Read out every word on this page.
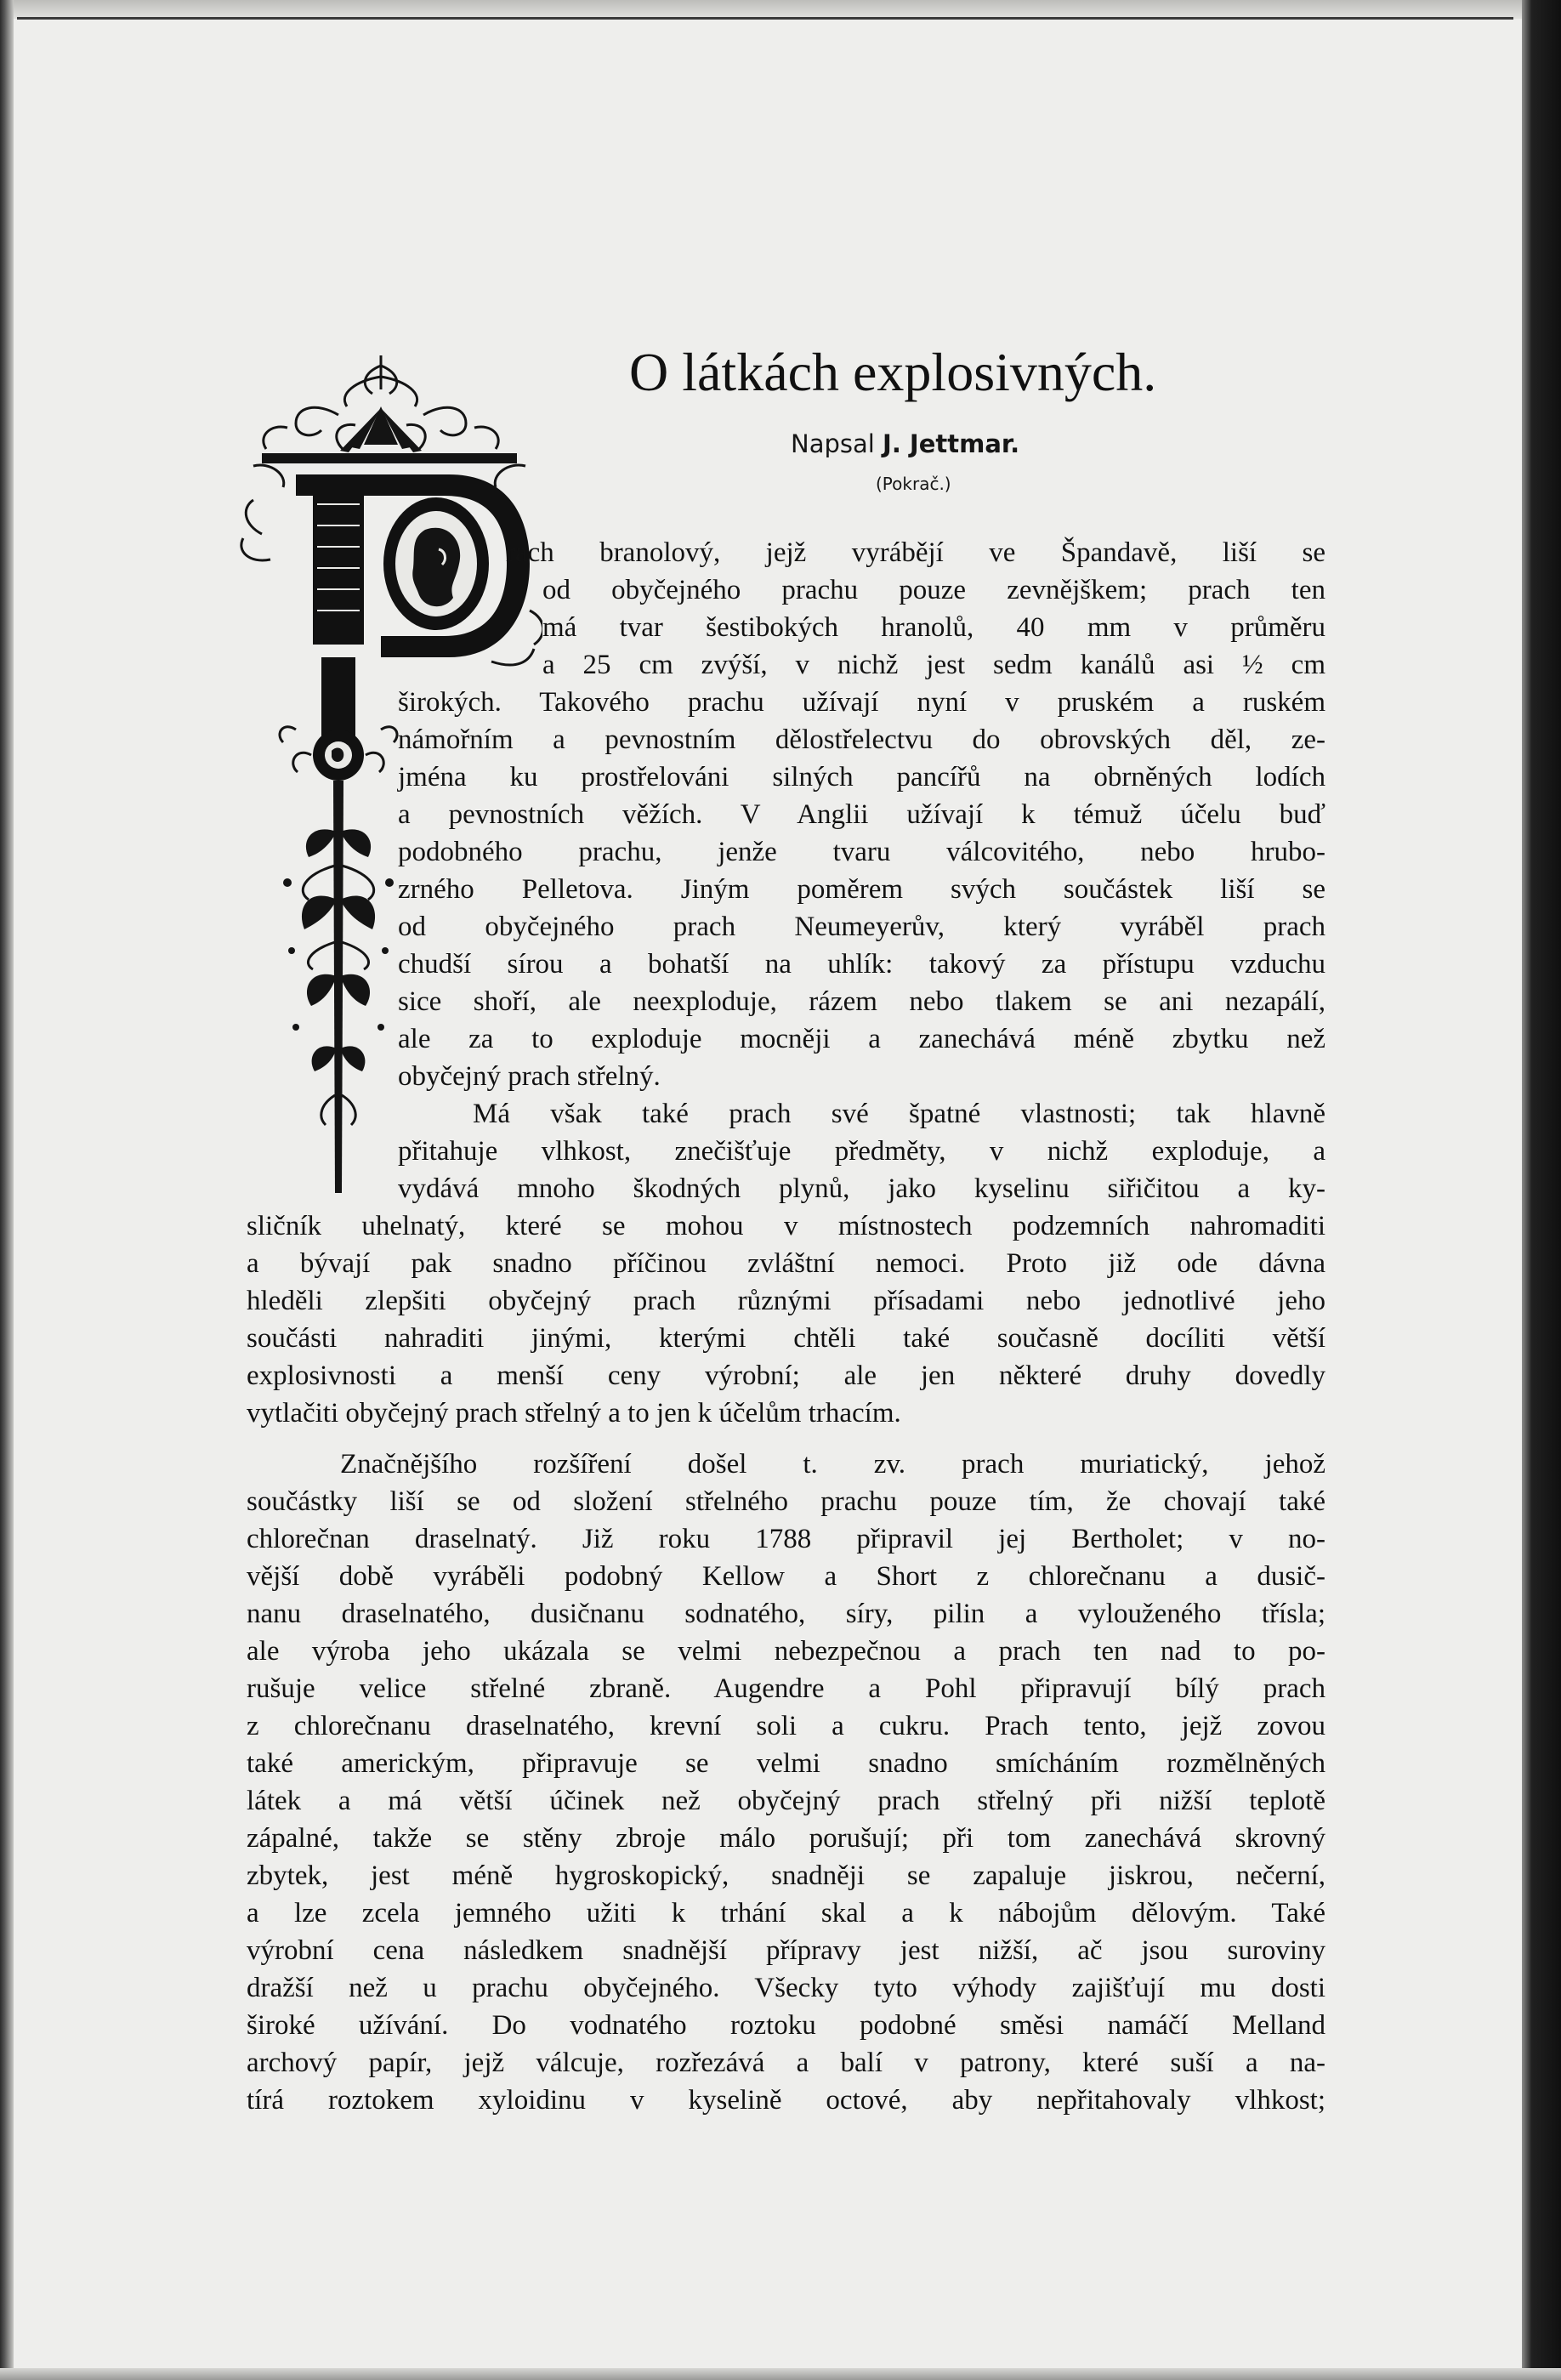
O látkách explosivných.
Napsal J. Jettmar.
(Pokrač.)
rach branolový, jejž vyrábějí ve Špandavě, liší se
od obyčejného prachu pouze zevnějškem; prach ten
má tvar šestibokých hranolů, 40 mm v průměru
a 25 cm zvýší, v nichž jest sedm kanálů asi ½ cm
širokých. Takového prachu užívají nyní v pruském a ruském
námořním a pevnostním dělostřelectvu do obrovských děl, ze-
jména ku prostřelováni silných pancířů na obrněných lodích
a pevnostních věžích. V Anglii užívají k témuž účelu buď
podobného prachu, jenže tvaru válcovitého, nebo hrubo-
zrného Pelletova. Jiným poměrem svých součástek liší se
od obyčejného prach Neumeyerův, který vyráběl prach
chudší sírou a bohatší na uhlík: takový za přístupu vzduchu
sice shoří, ale neexploduje, rázem nebo tlakem se ani nezapálí,
ale za to exploduje mocněji a zanechává méně zbytku než
obyčejný prach střelný.
Má však také prach své špatné vlastnosti; tak hlavně
přitahuje vlhkost, znečišťuje předměty, v nichž exploduje, a
vydává mnoho škodných plynů, jako kyselinu siřičitou a ky-
sličník uhelnatý, které se mohou v místnostech podzemních nahromaditi
a bývají pak snadno příčinou zvláštní nemoci. Proto již ode dávna
hleděli zlepšiti obyčejný prach různými přísadami nebo jednotlivé jeho
součásti nahraditi jinými, kterými chtěli také současně docíliti větší
explosivnosti a menší ceny výrobní; ale jen některé druhy dovedly
vytlačiti obyčejný prach střelný a to jen k účelům trhacím.
Značnějšího rozšíření došel t. zv. prach muriatický, jehož
součástky liší se od složení střelného prachu pouze tím, že chovají také
chlorečnan draselnatý. Již roku 1788 připravil jej Bertholet; v no-
vější době vyráběli podobný Kellow a Short z chlorečnanu a dusič-
nanu draselnatého, dusičnanu sodnatého, síry, pilin a vylouženého třísla;
ale výroba jeho ukázala se velmi nebezpečnou a prach ten nad to po-
rušuje velice střelné zbraně. Augendre a Pohl připravují bílý prach
z chlorečnanu draselnatého, krevní soli a cukru. Prach tento, jejž zovou
také americkým, připravuje se velmi snadno smícháním rozmělněných
látek a má větší účinek než obyčejný prach střelný při nižší teplotě
zápalné, takže se stěny zbroje málo porušují; při tom zanechává skrovný
zbytek, jest méně hygroskopický, snadněji se zapaluje jiskrou, nečerní,
a lze zcela jemného užiti k trhání skal a k nábojům dělovým. Také
výrobní cena následkem snadnější přípravy jest nižší, ač jsou suroviny
dražší než u prachu obyčejného. Všecky tyto výhody zajišťují mu dosti
široké užívání. Do vodnatého roztoku podobné směsi namáčí Melland
archový papír, jejž válcuje, rozřezává a balí v patrony, které suší a na-
tírá roztokem xyloidinu v kyselině octové, aby nepřitahovaly vlhkost;
